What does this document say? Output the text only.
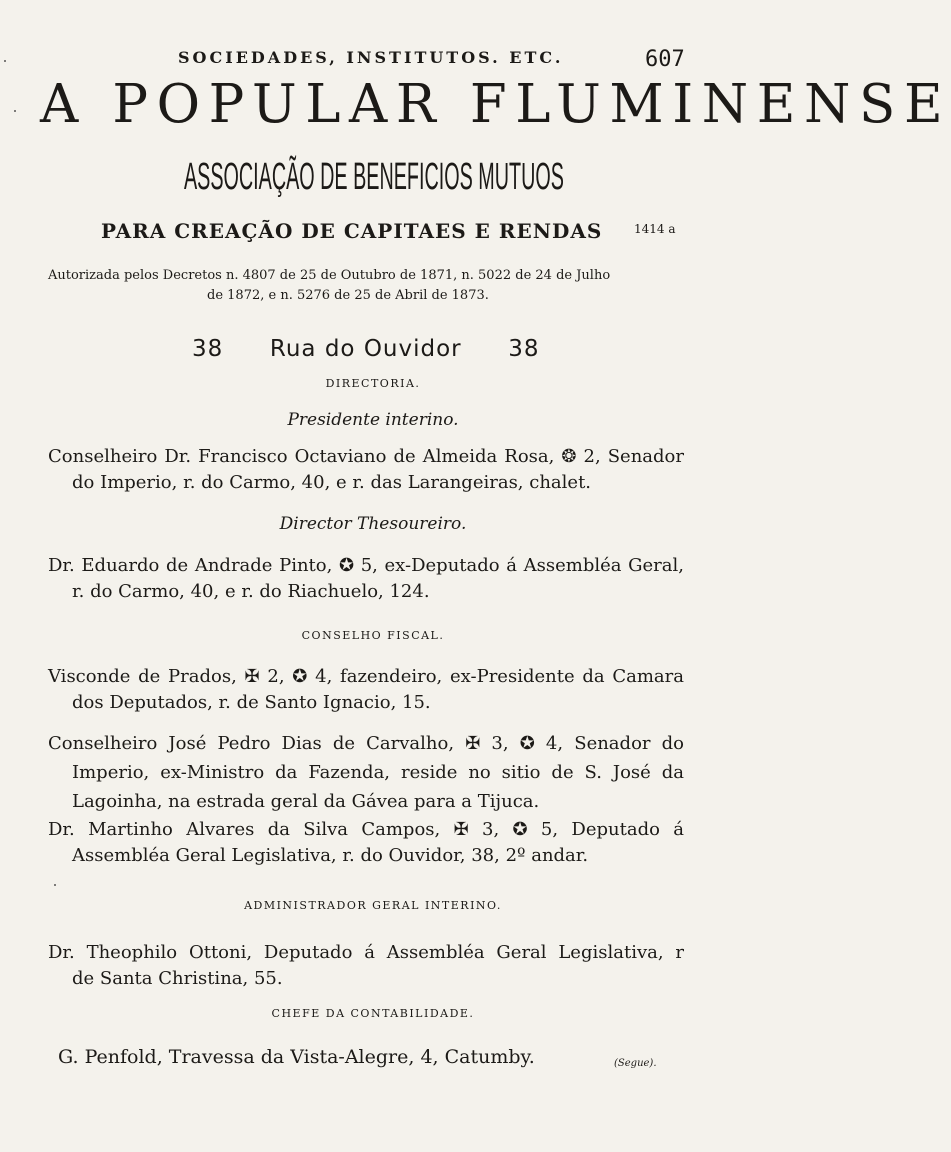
SOCIEDADES, INSTITUTOS. ETC.	607
A POPULAR FLUMINENSE
ASSOCIAÇÃO DE BENEFICIOS MUTUOS
PARA CREAÇÃO DE CAPITAES E RENDAS	1414 a
Autorizada pelos Decretos n. 4807 de 25 de Outubro de 1871, n. 5022 de 24 de Julho
de 1872, e n. 5276 de 25 de Abril de 1873.
38 Rua do Ouvidor 38
DIRECTORIA.
Presidente interino.
Conselheiro Dr. Francisco Octaviano de Almeida Rosa, ❂ 2, Senador
do Imperio, r. do Carmo, 40, e r. das Larangeiras, chalet.
Director Thesoureiro.
Dr. Eduardo de Andrade Pinto, ✪ 5, ex-Deputado á Assembléa Geral,
r. do Carmo, 40, e r. do Riachuelo, 124.
CONSELHO FISCAL.
Visconde de Prados, ✠ 2, ✪ 4, fazendeiro, ex-Presidente da Camara
dos Deputados, r. de Santo Ignacio, 15.
Conselheiro José Pedro Dias de Carvalho, ✠ 3, ✪ 4, Senador do
Imperio, ex-Ministro da Fazenda, reside no sitio de S. José da
Lagoinha, na estrada geral da Gávea para a Tijuca.
Dr. Martinho Alvares da Silva Campos, ✠ 3, ✪ 5, Deputado á
Assembléa Geral Legislativa, r. do Ouvidor, 38, 2º andar.
ADMINISTRADOR GERAL INTERINO.
Dr. Theophilo Ottoni, Deputado á Assembléa Geral Legislativa, r
de Santa Christina, 55.
CHEFE DA CONTABILIDADE.
G. Penfold, Travessa da Vista-Alegre, 4, Catumby.	(Segue).
